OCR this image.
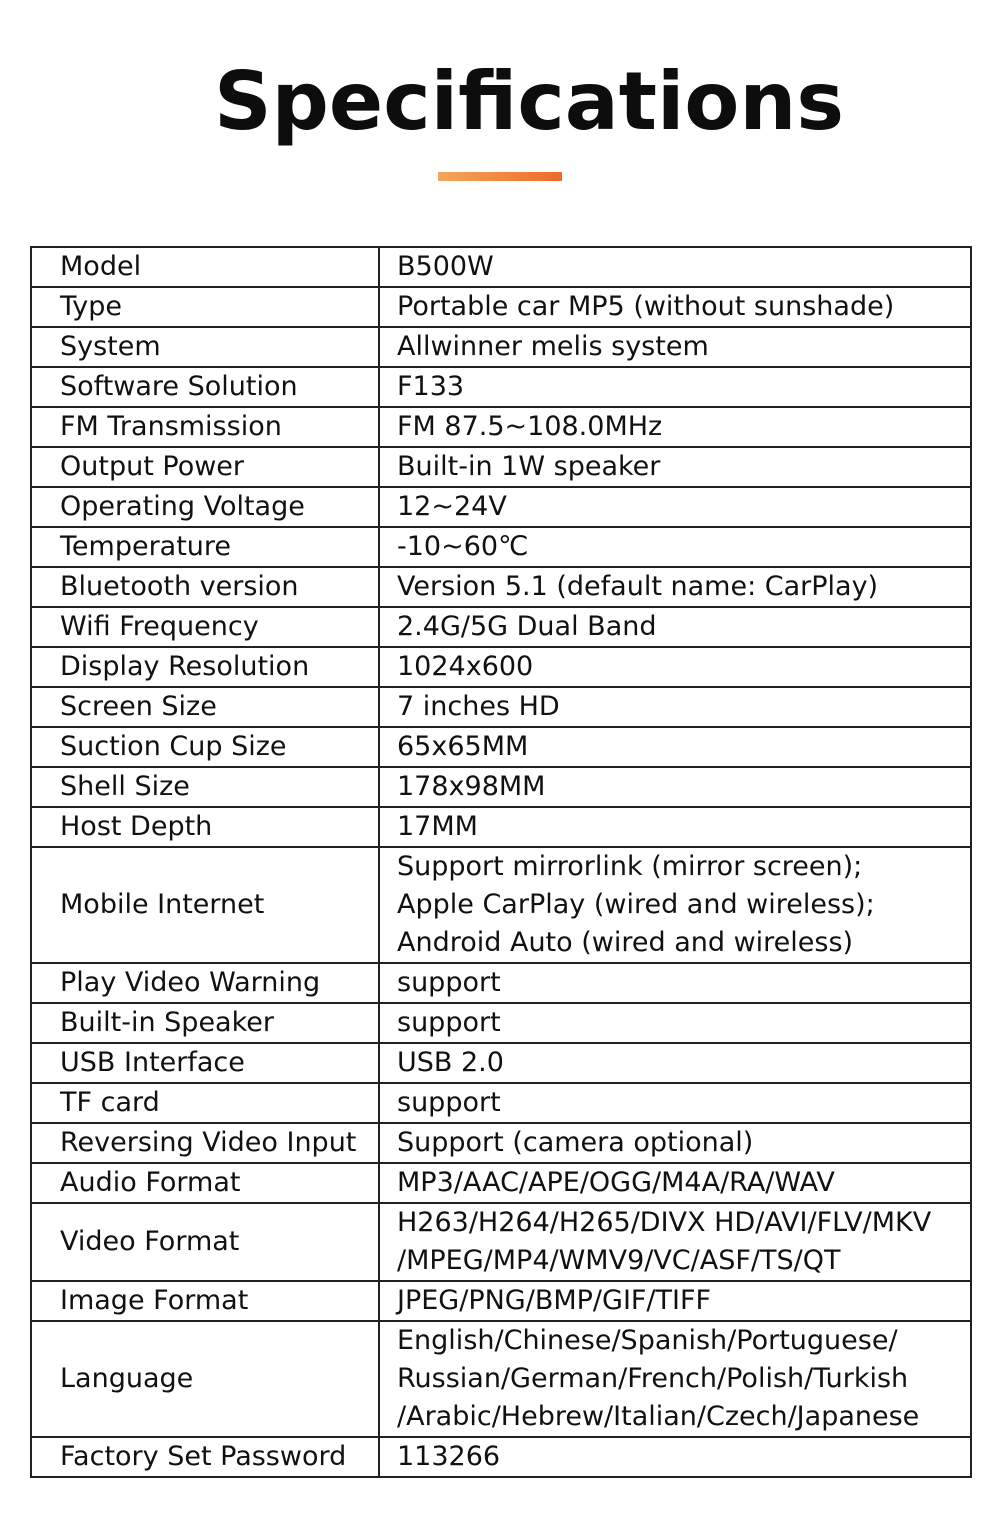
Specifications
Model	B500W

Type	Portable car MP5 (without sunshade)

System	Allwinner melis system

Software Solution	F133

FM Transmission	FM 87.5~108.0MHz

Output Power	Built-in 1W speaker

Operating Voltage	12~24V

Temperature	-10~60℃

Bluetooth version	Version 5.1 (default name: CarPlay)

Wifi Frequency	2.4G/5G Dual Band

Display Resolution	1024x600

Screen Size	7 inches HD

Suction Cup Size	65x65MM

Shell Size	178x98MM

Host Depth	17MM

Mobile Internet	Support mirrorlink (mirror screen);
Apple CarPlay (wired and wireless);
Android Auto (wired and wireless)

Play Video Warning	support

Built-in Speaker	support

USB Interface	USB 2.0

TF card	support

Reversing Video Input	Support (camera optional)

Audio Format	MP3/AAC/APE/OGG/M4A/RA/WAV

Video Format	H263/H264/H265/DIVX HD/AVI/FLV/MKV
/MPEG/MP4/WMV9/VC/ASF/TS/QT

Image Format	JPEG/PNG/BMP/GIF/TIFF

Language	English/Chinese/Spanish/Portuguese/
Russian/German/French/Polish/Turkish
/Arabic/Hebrew/Italian/Czech/Japanese

Factory Set Password	113266
